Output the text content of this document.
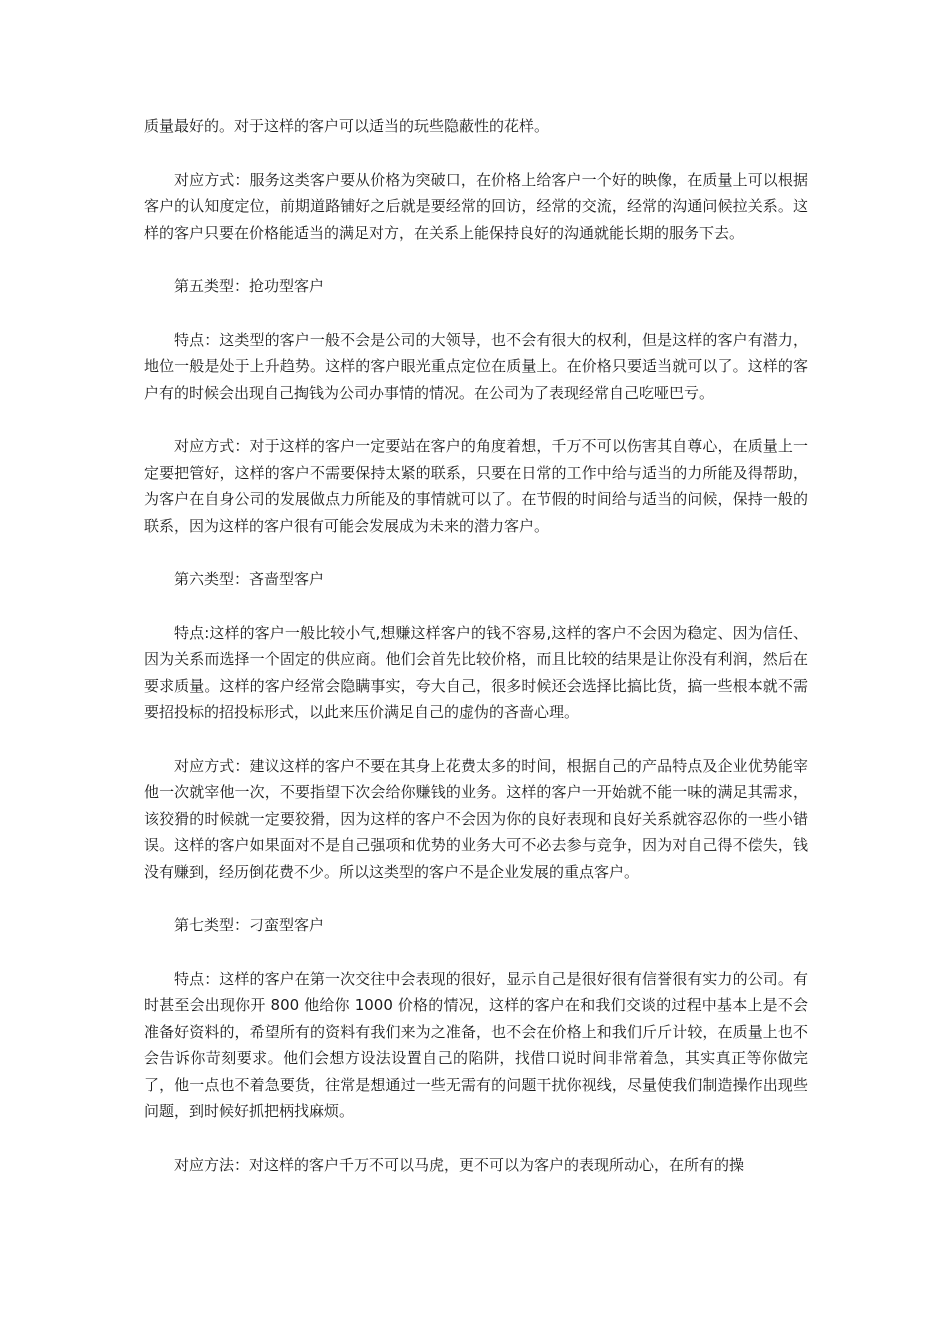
质量最好的。对于这样的客户可以适当的玩些隐蔽性的花样。

对应方式：服务这类客户要从价格为突破口，在价格上给客户一个好的映像，在质量上可以根据客户的认知度定位，前期道路铺好之后就是要经常的回访，经常的交流，经常的沟通问候拉关系。这样的客户只要在价格能适当的满足对方，在关系上能保持良好的沟通就能长期的服务下去。

第五类型：抢功型客户

特点：这类型的客户一般不会是公司的大领导，也不会有很大的权利，但是这样的客户有潜力，地位一般是处于上升趋势。这样的客户眼光重点定位在质量上。在价格只要适当就可以了。这样的客户有的时候会出现自己掏钱为公司办事情的情况。在公司为了表现经常自己吃哑巴亏。

对应方式：对于这样的客户一定要站在客户的角度着想，千万不可以伤害其自尊心，在质量上一定要把管好，这样的客户不需要保持太紧的联系，只要在日常的工作中给与适当的力所能及得帮助，为客户在自身公司的发展做点力所能及的事情就可以了。在节假的时间给与适当的问候，保持一般的联系，因为这样的客户很有可能会发展成为未来的潜力客户。

第六类型：吝啬型客户

特点:这样的客户一般比较小气,想赚这样客户的钱不容易,这样的客户不会因为稳定、因为信任、因为关系而选择一个固定的供应商。他们会首先比较价格，而且比较的结果是让你没有利润，然后在要求质量。这样的客户经常会隐瞒事实，夸大自己，很多时候还会选择比搞比货，搞一些根本就不需要招投标的招投标形式，以此来压价满足自己的虚伪的吝啬心理。

对应方式：建议这样的客户不要在其身上花费太多的时间，根据自己的产品特点及企业优势能宰他一次就宰他一次，不要指望下次会给你赚钱的业务。这样的客户一开始就不能一味的满足其需求，该狡猾的时候就一定要狡猾，因为这样的客户不会因为你的良好表现和良好关系就容忍你的一些小错误。这样的客户如果面对不是自己强项和优势的业务大可不必去参与竞争，因为对自己得不偿失，钱没有赚到，经历倒花费不少。所以这类型的客户不是企业发展的重点客户。

第七类型：刁蛮型客户

特点：这样的客户在第一次交往中会表现的很好，显示自己是很好很有信誉很有实力的公司。有时甚至会出现你开 800 他给你 1000 价格的情况，这样的客户在和我们交谈的过程中基本上是不会准备好资料的，希望所有的资料有我们来为之准备，也不会在价格上和我们斤斤计较，在质量上也不会告诉你苛刻要求。他们会想方设法设置自己的陷阱，找借口说时间非常着急，其实真正等你做完了，他一点也不着急要货，往常是想通过一些无需有的问题干扰你视线，尽量使我们制造操作出现些问题，到时候好抓把柄找麻烦。

对应方法：对这样的客户千万不可以马虎，更不可以为客户的表现所动心，在所有的操
